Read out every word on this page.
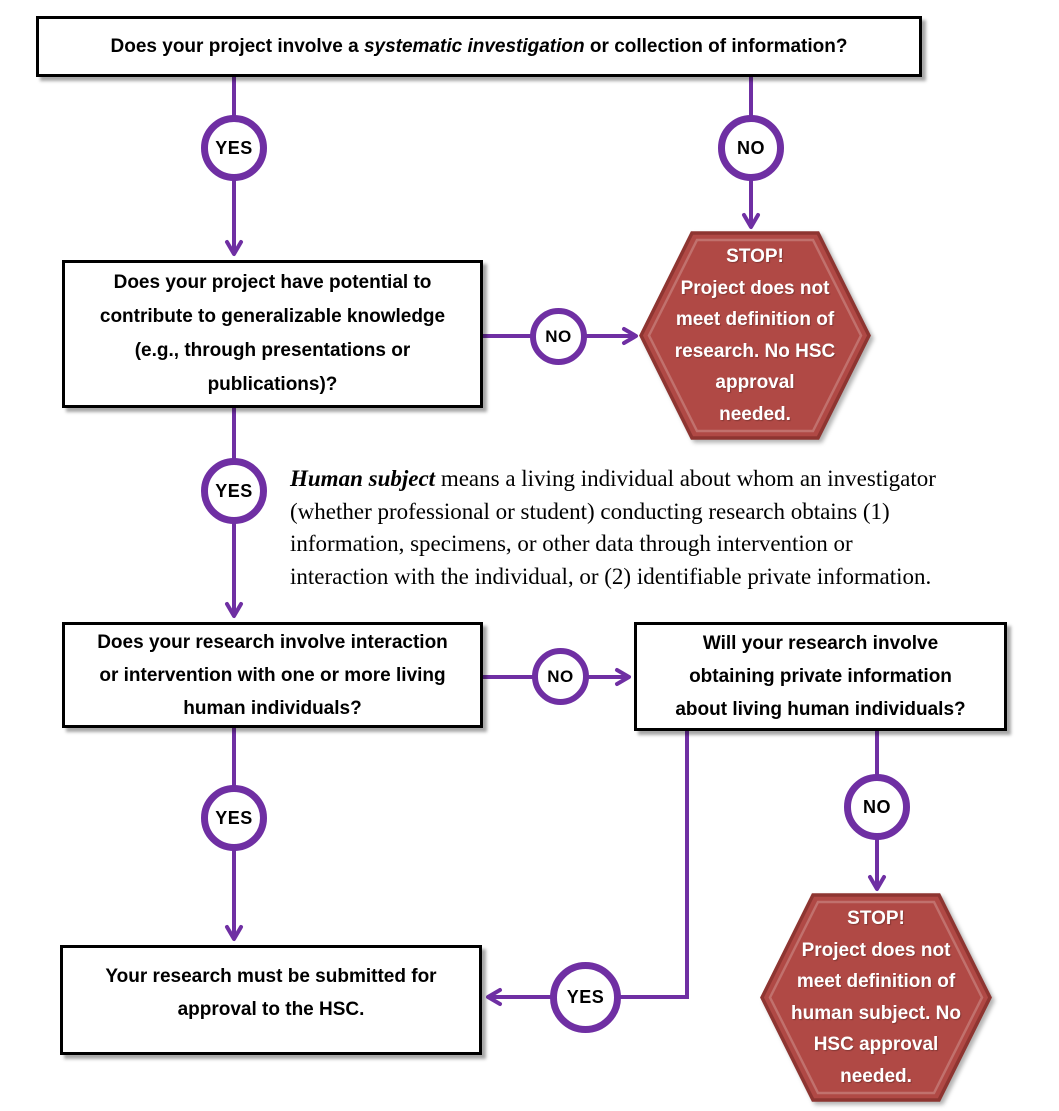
STOP!
Project does not
meet definition of
research. No HSC
approval
needed.
STOP!
Project does not
meet definition of
human subject. No
HSC approval
needed.
Does your project involve a systematic investigation or collection of information?
Does your project have potential to
contribute to generalizable knowledge
(e.g., through presentations or
publications)?
Does your research involve interaction
or intervention with one or more living
human individuals?
Will your research involve
obtaining private information
about living human individuals?
Your research must be submitted for
approval to the HSC.
Human subject means a living individual about whom an investigator
(whether professional or student) conducting research obtains (1)
information, specimens, or other data through intervention or
interaction with the individual, or (2) identifiable private information.
YES	NO
NO
YES
NO
YES
NO
YES
